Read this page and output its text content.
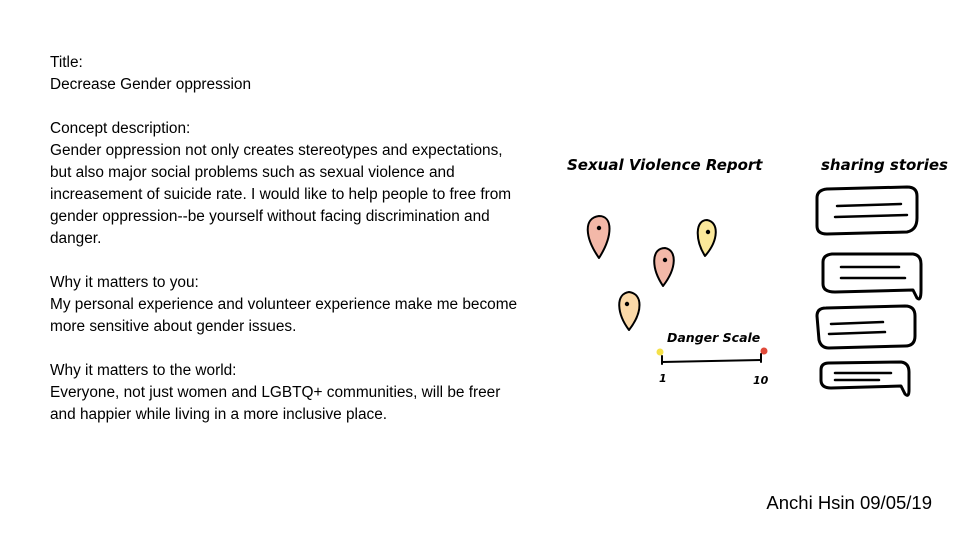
Title:
Decrease Gender oppression
Concept description:
Gender oppression not only creates stereotypes and expectations,
but also major social problems such as sexual violence and
increasement of suicide rate. I would like to help people to free from
gender oppression--be yourself without facing discrimination and
danger.
Why it matters to you:
My personal experience and volunteer experience make me become
more sensitive about gender issues.
Why it matters to the world:
Everyone, not just women and LGBTQ+ communities, will be freer
and happier while living in a more inclusive place.
Sexual Violence Report	sharing stories
Danger Scale
1	10
Anchi Hsin 09/05/19
